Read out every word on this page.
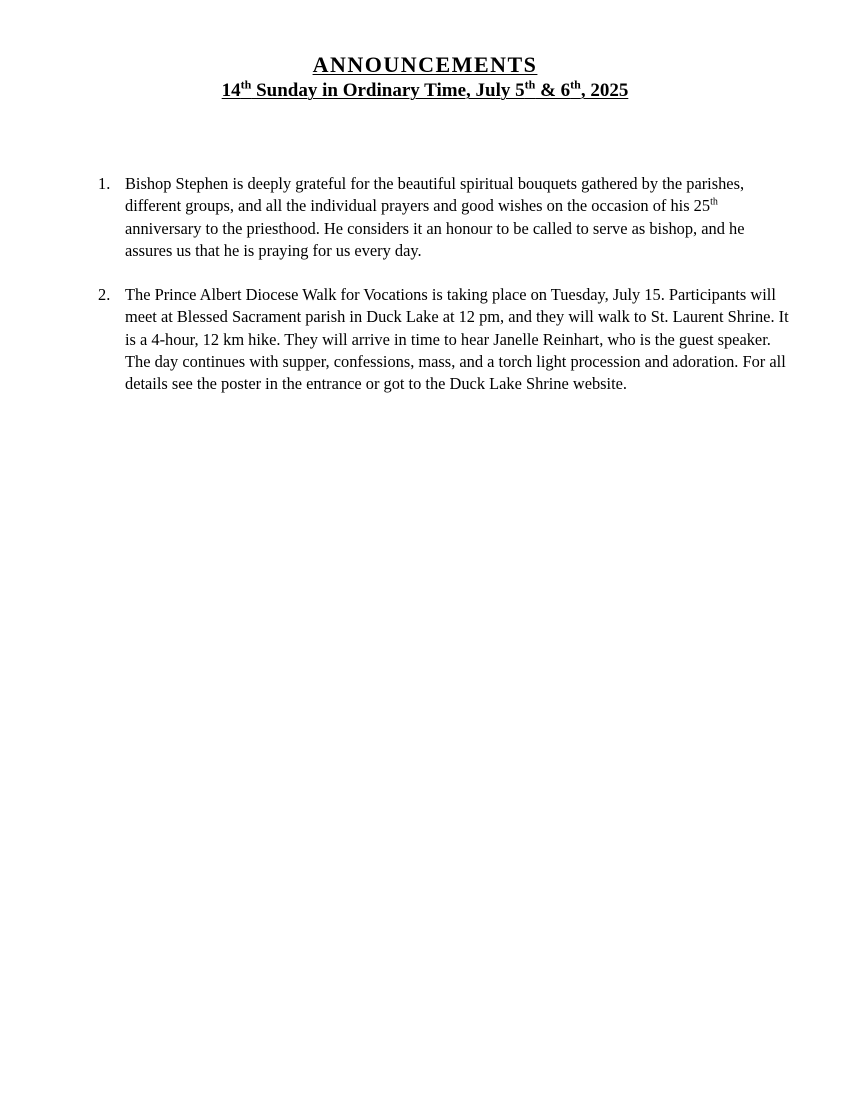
ANNOUNCEMENTS
14th Sunday in Ordinary Time, July 5th & 6th, 2025
1. Bishop Stephen is deeply grateful for the beautiful spiritual bouquets gathered by the parishes, different groups, and all the individual prayers and good wishes on the occasion of his 25th anniversary to the priesthood. He considers it an honour to be called to serve as bishop, and he assures us that he is praying for us every day.
2. The Prince Albert Diocese Walk for Vocations is taking place on Tuesday, July 15. Participants will meet at Blessed Sacrament parish in Duck Lake at 12 pm, and they will walk to St. Laurent Shrine. It is a 4-hour, 12 km hike. They will arrive in time to hear Janelle Reinhart, who is the guest speaker. The day continues with supper, confessions, mass, and a torch light procession and adoration. For all details see the poster in the entrance or got to the Duck Lake Shrine website.
